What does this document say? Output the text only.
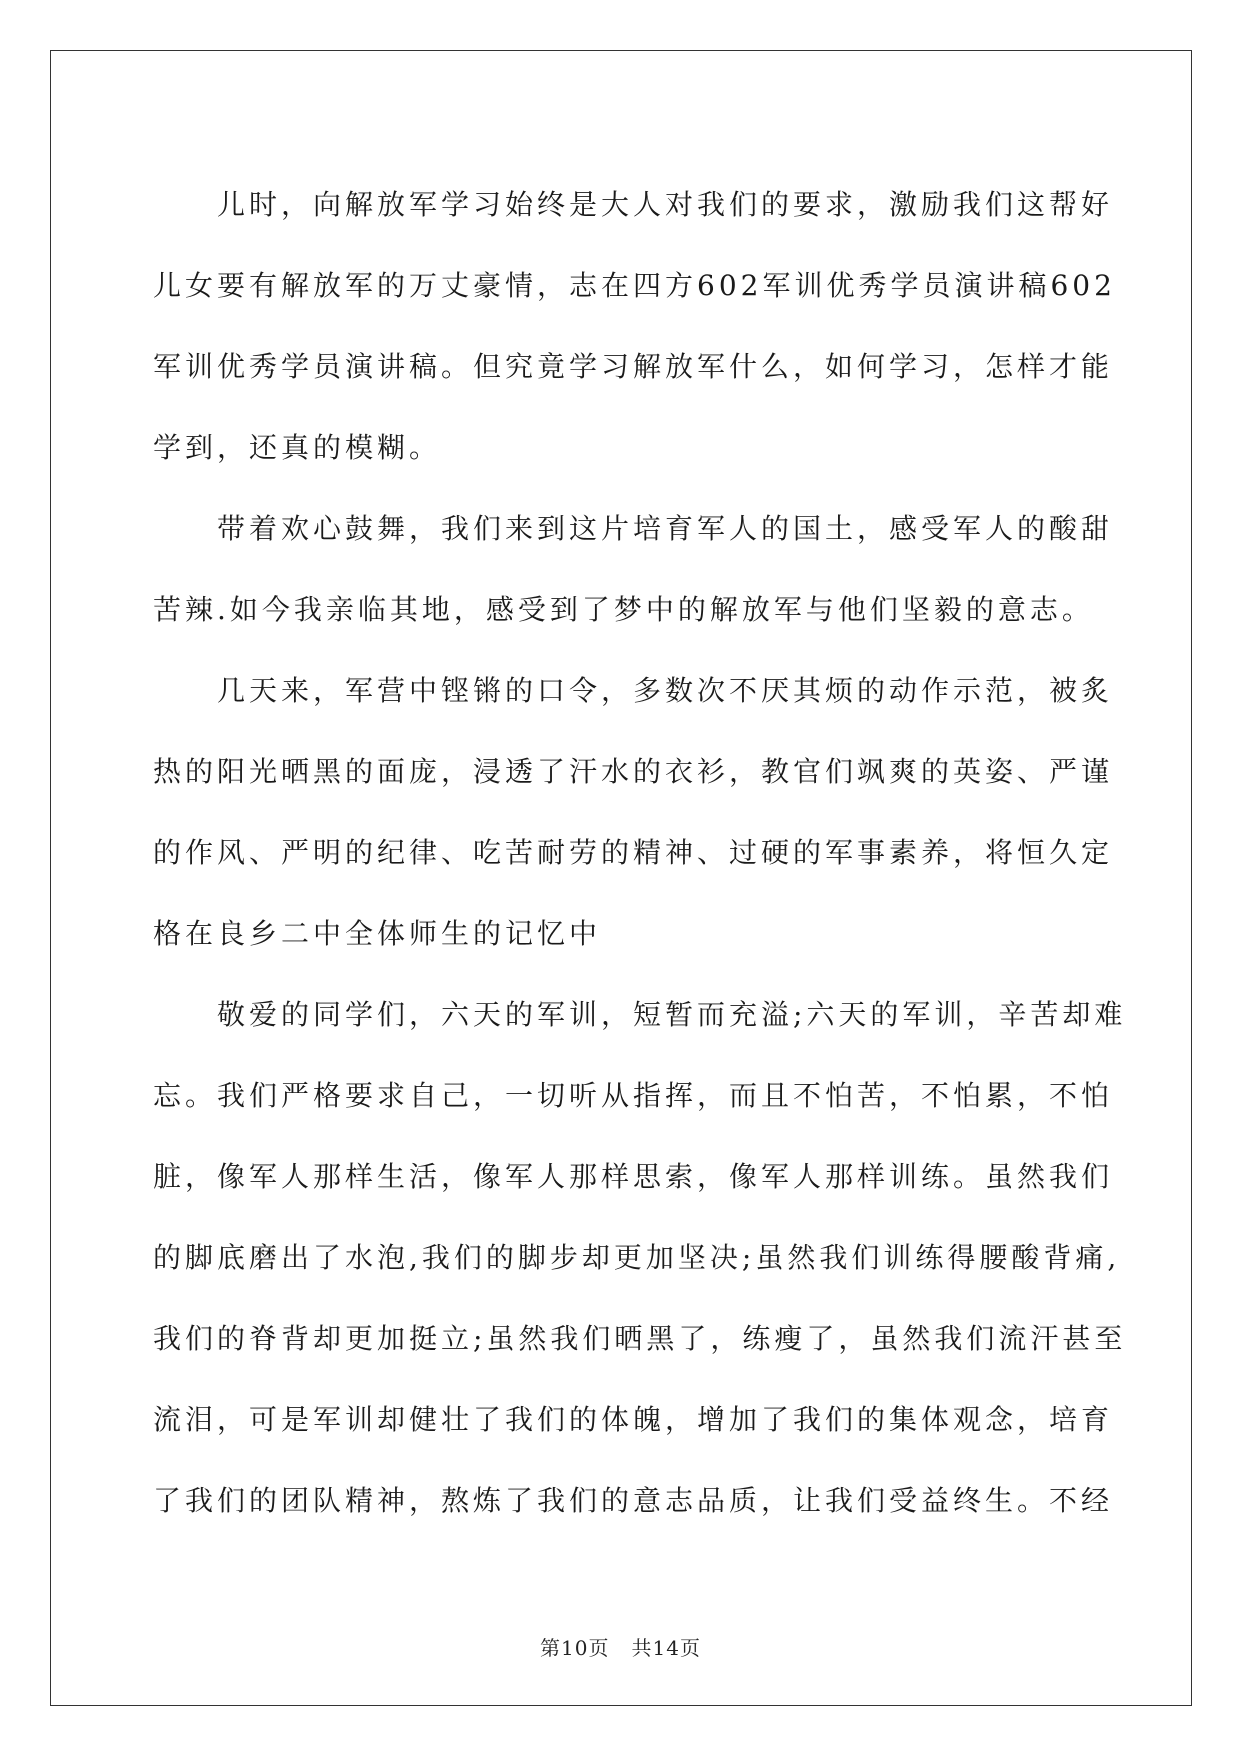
儿时，向解放军学习始终是大人对我们的要求，激励我们这帮好
儿女要有解放军的万丈豪情，志在四方602军训优秀学员演讲稿602
军训优秀学员演讲稿。但究竟学习解放军什么，如何学习，怎样才能
学到，还真的模糊。
带着欢心鼓舞，我们来到这片培育军人的国土，感受军人的酸甜
苦辣.如今我亲临其地，感受到了梦中的解放军与他们坚毅的意志。
几天来，军营中铿锵的口令，多数次不厌其烦的动作示范，被炙
热的阳光晒黑的面庞，浸透了汗水的衣衫，教官们飒爽的英姿、严谨
的作风、严明的纪律、吃苦耐劳的精神、过硬的军事素养，将恒久定
格在良乡二中全体师生的记忆中
敬爱的同学们，六天的军训，短暂而充溢;六天的军训，辛苦却难
忘。我们严格要求自己，一切听从指挥，而且不怕苦，不怕累，不怕
脏，像军人那样生活，像军人那样思索，像军人那样训练。虽然我们
的脚底磨出了水泡,我们的脚步却更加坚决;虽然我们训练得腰酸背痛,
我们的脊背却更加挺立;虽然我们晒黑了，练瘦了，虽然我们流汗甚至
流泪，可是军训却健壮了我们的体魄，增加了我们的集体观念，培育
了我们的团队精神，熬炼了我们的意志品质，让我们受益终生。不经
第10页 共14页
